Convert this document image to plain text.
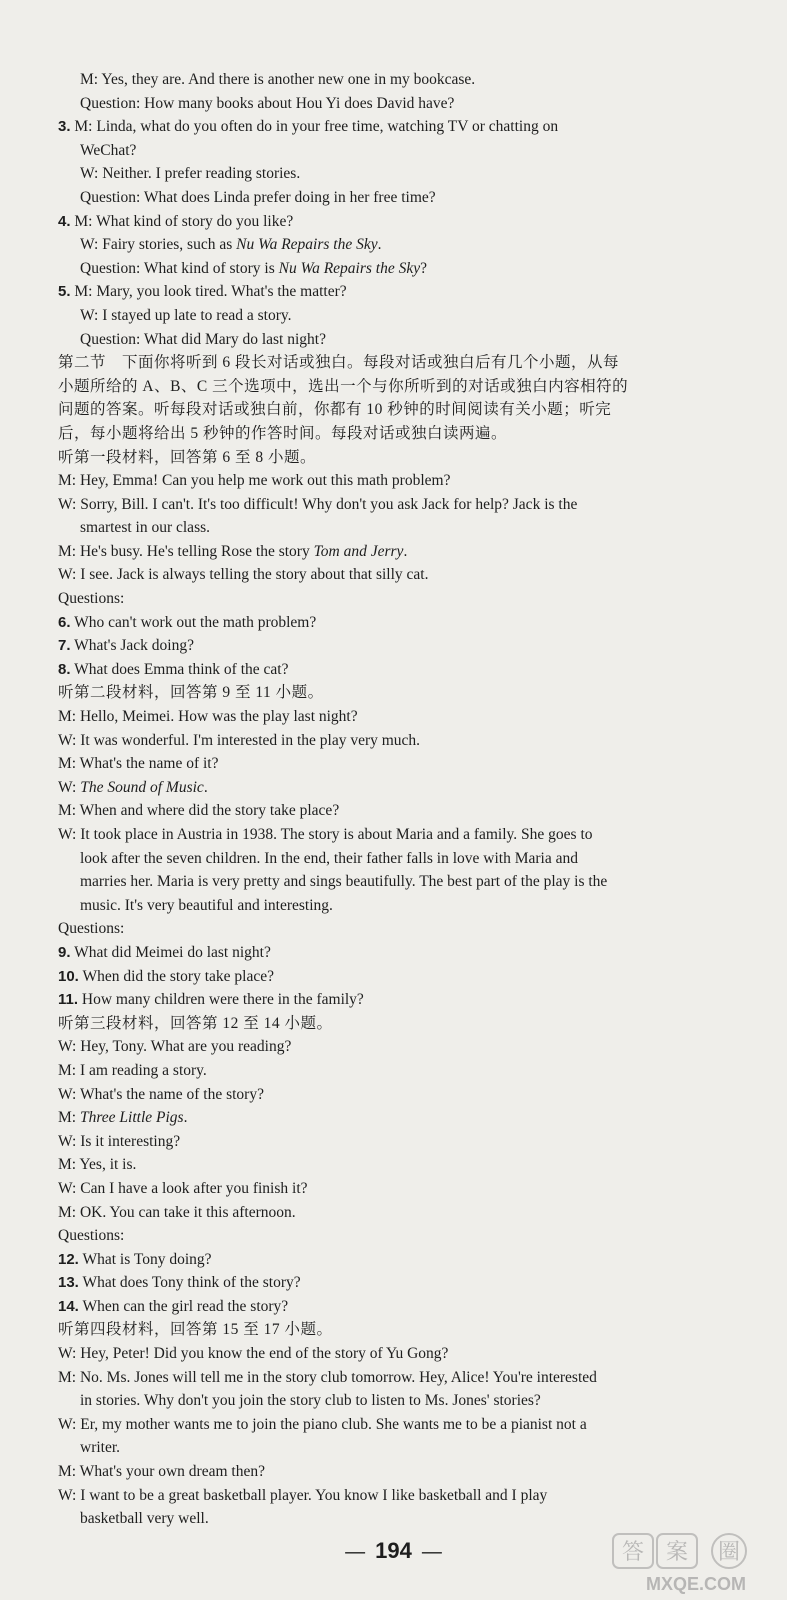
M: Yes, they are. And there is another new one in my bookcase.
Question: How many books about Hou Yi does David have?
3. M: Linda, what do you often do in your free time, watching TV or chatting on
WeChat?
W: Neither. I prefer reading stories.
Question: What does Linda prefer doing in her free time?
4. M: What kind of story do you like?
W: Fairy stories, such as Nu Wa Repairs the Sky.
Question: What kind of story is Nu Wa Repairs the Sky?
5. M: Mary, you look tired. What's the matter?
W: I stayed up late to read a story.
Question: What did Mary do last night?
第二节　下面你将听到 6 段长对话或独白。每段对话或独白后有几个小题，从每
小题所给的 A、B、C 三个选项中，选出一个与你所听到的对话或独白内容相符的
问题的答案。听每段对话或独白前，你都有 10 秒钟的时间阅读有关小题；听完
后，每小题将给出 5 秒钟的作答时间。每段对话或独白读两遍。
听第一段材料，回答第 6 至 8 小题。
M: Hey, Emma! Can you help me work out this math problem?
W: Sorry, Bill. I can't. It's too difficult! Why don't you ask Jack for help? Jack is the
smartest in our class.
M: He's busy. He's telling Rose the story Tom and Jerry.
W: I see. Jack is always telling the story about that silly cat.
Questions:
6. Who can't work out the math problem?
7. What's Jack doing?
8. What does Emma think of the cat?
听第二段材料，回答第 9 至 11 小题。
M: Hello, Meimei. How was the play last night?
W: It was wonderful. I'm interested in the play very much.
M: What's the name of it?
W: The Sound of Music.
M: When and where did the story take place?
W: It took place in Austria in 1938. The story is about Maria and a family. She goes to
look after the seven children. In the end, their father falls in love with Maria and
marries her. Maria is very pretty and sings beautifully. The best part of the play is the
music. It's very beautiful and interesting.
Questions:
9. What did Meimei do last night?
10. When did the story take place?
11. How many children were there in the family?
听第三段材料，回答第 12 至 14 小题。
W: Hey, Tony. What are you reading?
M: I am reading a story.
W: What's the name of the story?
M: Three Little Pigs.
W: Is it interesting?
M: Yes, it is.
W: Can I have a look after you finish it?
M: OK. You can take it this afternoon.
Questions:
12. What is Tony doing?
13. What does Tony think of the story?
14. When can the girl read the story?
听第四段材料，回答第 15 至 17 小题。
W: Hey, Peter! Did you know the end of the story of Yu Gong?
M: No. Ms. Jones will tell me in the story club tomorrow. Hey, Alice! You're interested
in stories. Why don't you join the story club to listen to Ms. Jones' stories?
W: Er, my mother wants me to join the piano club. She wants me to be a pianist not a
writer.
M: What's your own dream then?
W: I want to be a great basketball player. You know I like basketball and I play
basketball very well.
— 194 —	答 案 圈
MXQE.COM
